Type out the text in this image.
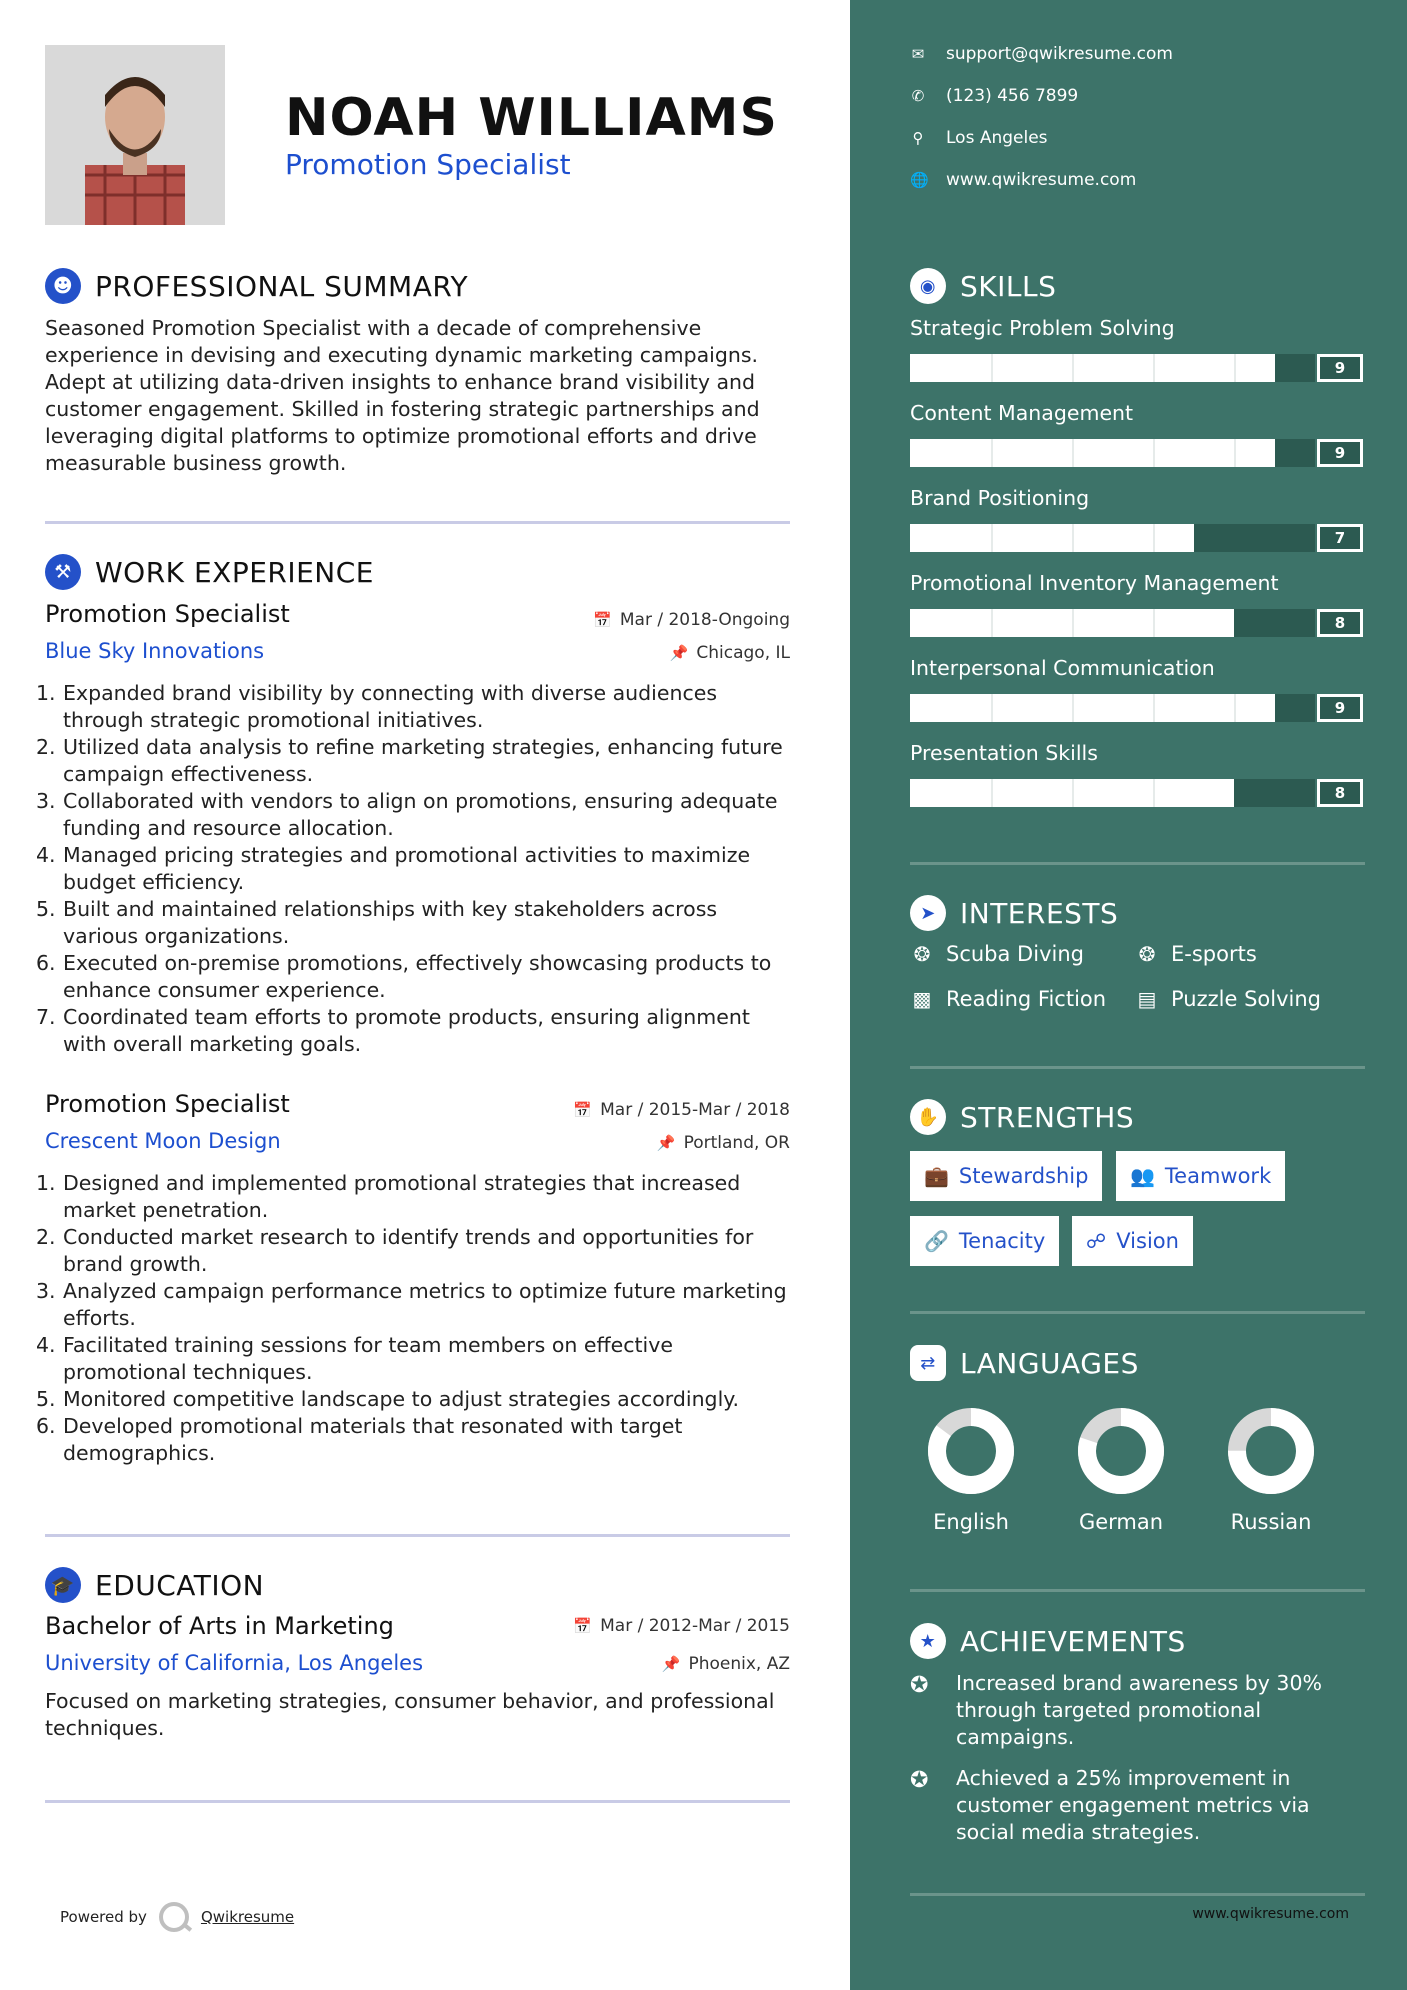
NOAH WILLIAMS
Promotion Specialist
☻ PROFESSIONAL SUMMARY
Seasoned Promotion Specialist with a decade of comprehensive experience in devising and executing dynamic marketing campaigns. Adept at utilizing data-driven insights to enhance brand visibility and customer engagement. Skilled in fostering strategic partnerships and leveraging digital platforms to optimize promotional efforts and drive measurable business growth.
⚒ WORK EXPERIENCE
Promotion Specialist	📅 Mar / 2018-Ongoing
Blue Sky Innovations	📌 Chicago, IL
Expanded brand visibility by connecting with diverse audiences through strategic promotional initiatives.
Utilized data analysis to refine marketing strategies, enhancing future campaign effectiveness.
Collaborated with vendors to align on promotions, ensuring adequate funding and resource allocation.
Managed pricing strategies and promotional activities to maximize budget efficiency.
Built and maintained relationships with key stakeholders across various organizations.
Executed on-premise promotions, effectively showcasing products to enhance consumer experience.
Coordinated team efforts to promote products, ensuring alignment with overall marketing goals.
Promotion Specialist	📅 Mar / 2015-Mar / 2018
Crescent Moon Design	📌 Portland, OR
Designed and implemented promotional strategies that increased market penetration.
Conducted market research to identify trends and opportunities for brand growth.
Analyzed campaign performance metrics to optimize future marketing efforts.
Facilitated training sessions for team members on effective promotional techniques.
Monitored competitive landscape to adjust strategies accordingly.
Developed promotional materials that resonated with target demographics.
🎓 EDUCATION
Bachelor of Arts in Marketing	📅 Mar / 2012-Mar / 2015
University of California, Los Angeles	📌 Phoenix, AZ
Focused on marketing strategies, consumer behavior, and professional techniques.
Powered by	Qwikresume
✉ support@qwikresume.com
✆ (123) 456 7899
⚲ Los Angeles
🌐 www.qwikresume.com
◉ SKILLS
Strategic Problem Solving
9
Content Management
9
Brand Positioning
7
Promotional Inventory Management
8
Interpersonal Communication
9
Presentation Skills
8
➤ INTERESTS
❂ Scuba Diving	❂ E-sports
▩ Reading Fiction ▤ Puzzle Solving
✋ STRENGTHS
💼 Stewardship 👥 Teamwork
🔗 Tenacity ☍ Vision
⇄ LANGUAGES
English	German	Russian
★ ACHIEVEMENTS
✪	Increased brand awareness by 30% through targeted promotional campaigns.
✪	Achieved a 25% improvement in customer engagement metrics via social media strategies.
www.qwikresume.com
